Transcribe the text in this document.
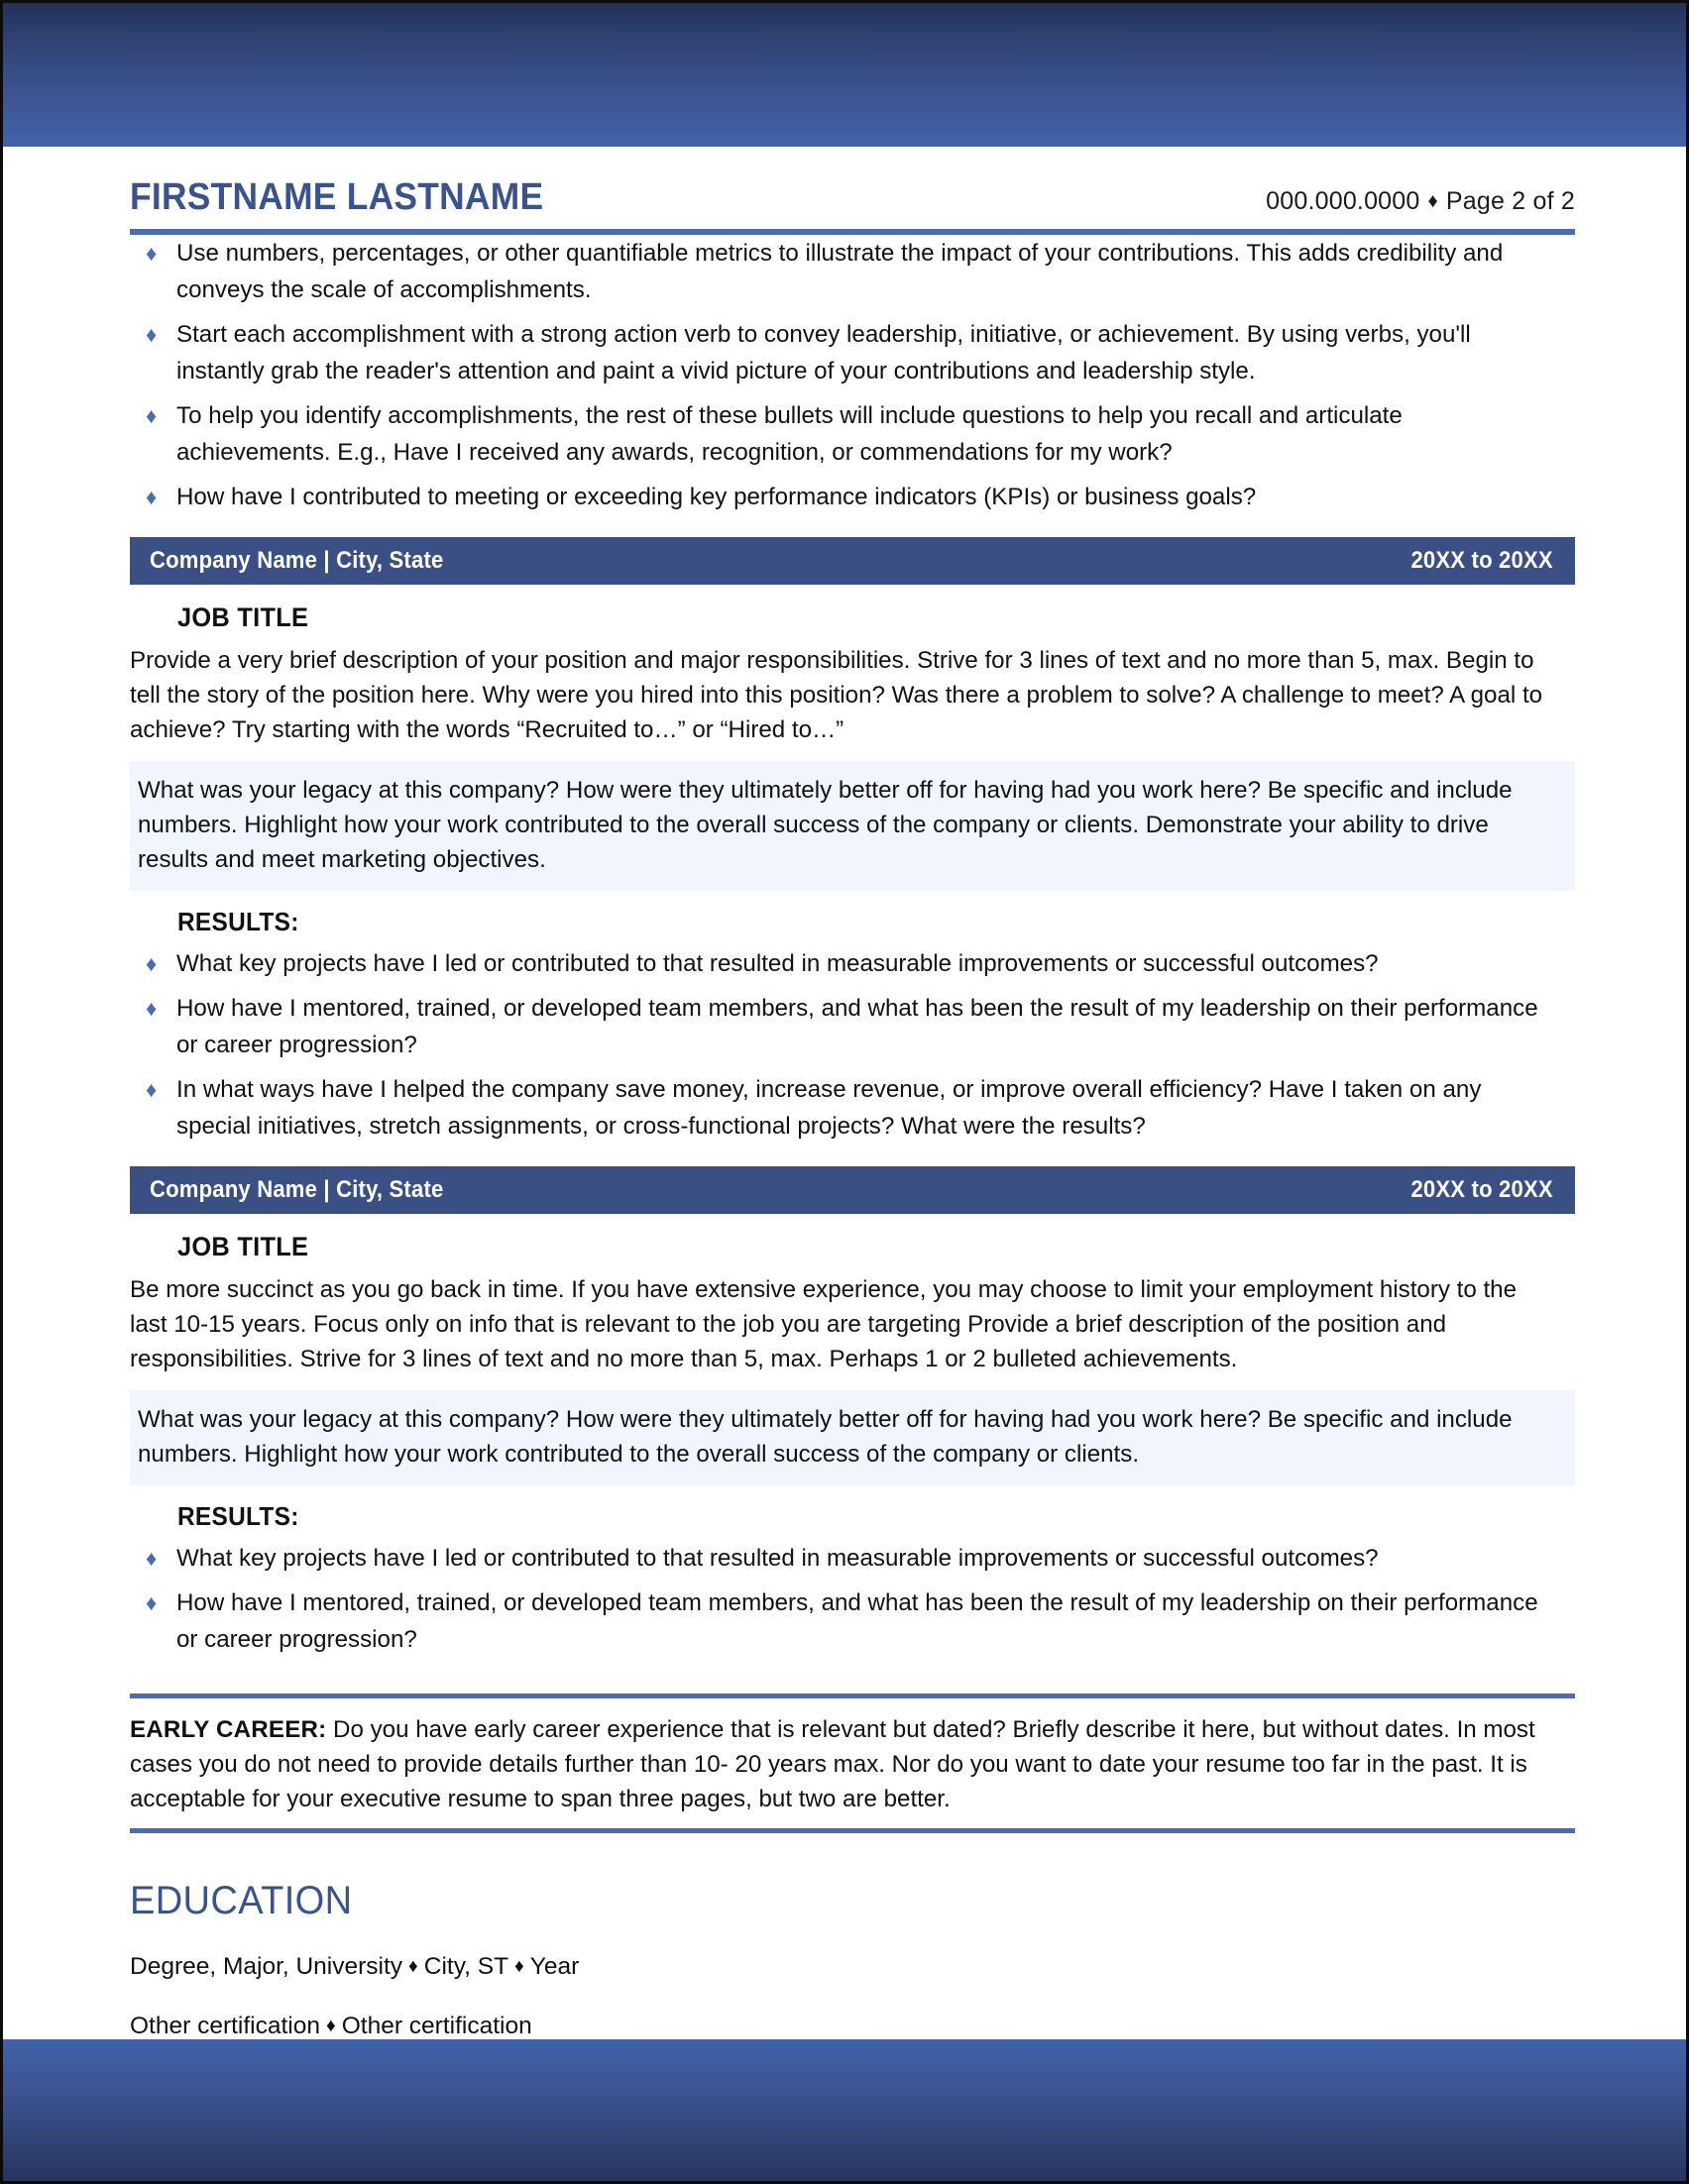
FIRSTNAME LASTNAME	000.000.0000 ♦ Page 2 of 2
♦ Use numbers, percentages, or other quantifiable metrics to illustrate the impact of your contributions. This adds credibility and conveys the scale of accomplishments.
♦ Start each accomplishment with a strong action verb to convey leadership, initiative, or achievement. By using verbs, you'll instantly grab the reader's attention and paint a vivid picture of your contributions and leadership style.
♦ To help you identify accomplishments, the rest of these bullets will include questions to help you recall and articulate achievements. E.g., Have I received any awards, recognition, or commendations for my work?
♦ How have I contributed to meeting or exceeding key performance indicators (KPIs) or business goals?
Company Name | City, State	20XX to 20XX
JOB TITLE

Provide a very brief description of your position and major responsibilities. Strive for 3 lines of text and no more than 5, max. Begin to tell the story of the position here. Why were you hired into this position? Was there a problem to solve? A challenge to meet? A goal to achieve? Try starting with the words “Recruited to…” or “Hired to…”

What was your legacy at this company? How were they ultimately better off for having had you work here? Be specific and include numbers. Highlight how your work contributed to the overall success of the company or clients. Demonstrate your ability to drive results and meet marketing objectives.

RESULTS:
♦ What key projects have I led or contributed to that resulted in measurable improvements or successful outcomes?
♦ How have I mentored, trained, or developed team members, and what has been the result of my leadership on their performance or career progression?
♦ In what ways have I helped the company save money, increase revenue, or improve overall efficiency? Have I taken on any special initiatives, stretch assignments, or cross-functional projects? What were the results?
Company Name | City, State	20XX to 20XX
JOB TITLE

Be more succinct as you go back in time. If you have extensive experience, you may choose to limit your employment history to the last 10-15 years. Focus only on info that is relevant to the job you are targeting Provide a brief description of the position and responsibilities. Strive for 3 lines of text and no more than 5, max. Perhaps 1 or 2 bulleted achievements.

What was your legacy at this company? How were they ultimately better off for having had you work here? Be specific and include numbers. Highlight how your work contributed to the overall success of the company or clients.

RESULTS:
♦ What key projects have I led or contributed to that resulted in measurable improvements or successful outcomes?
♦ How have I mentored, trained, or developed team members, and what has been the result of my leadership on their performance or career progression?
EARLY CAREER: Do you have early career experience that is relevant but dated? Briefly describe it here, but without dates. In most cases you do not need to provide details further than 10- 20 years max. Nor do you want to date your resume too far in the past. It is acceptable for your executive resume to span three pages, but two are better.
EDUCATION
Degree, Major, University ♦ City, ST ♦ Year
Other certification ♦ Other certification
